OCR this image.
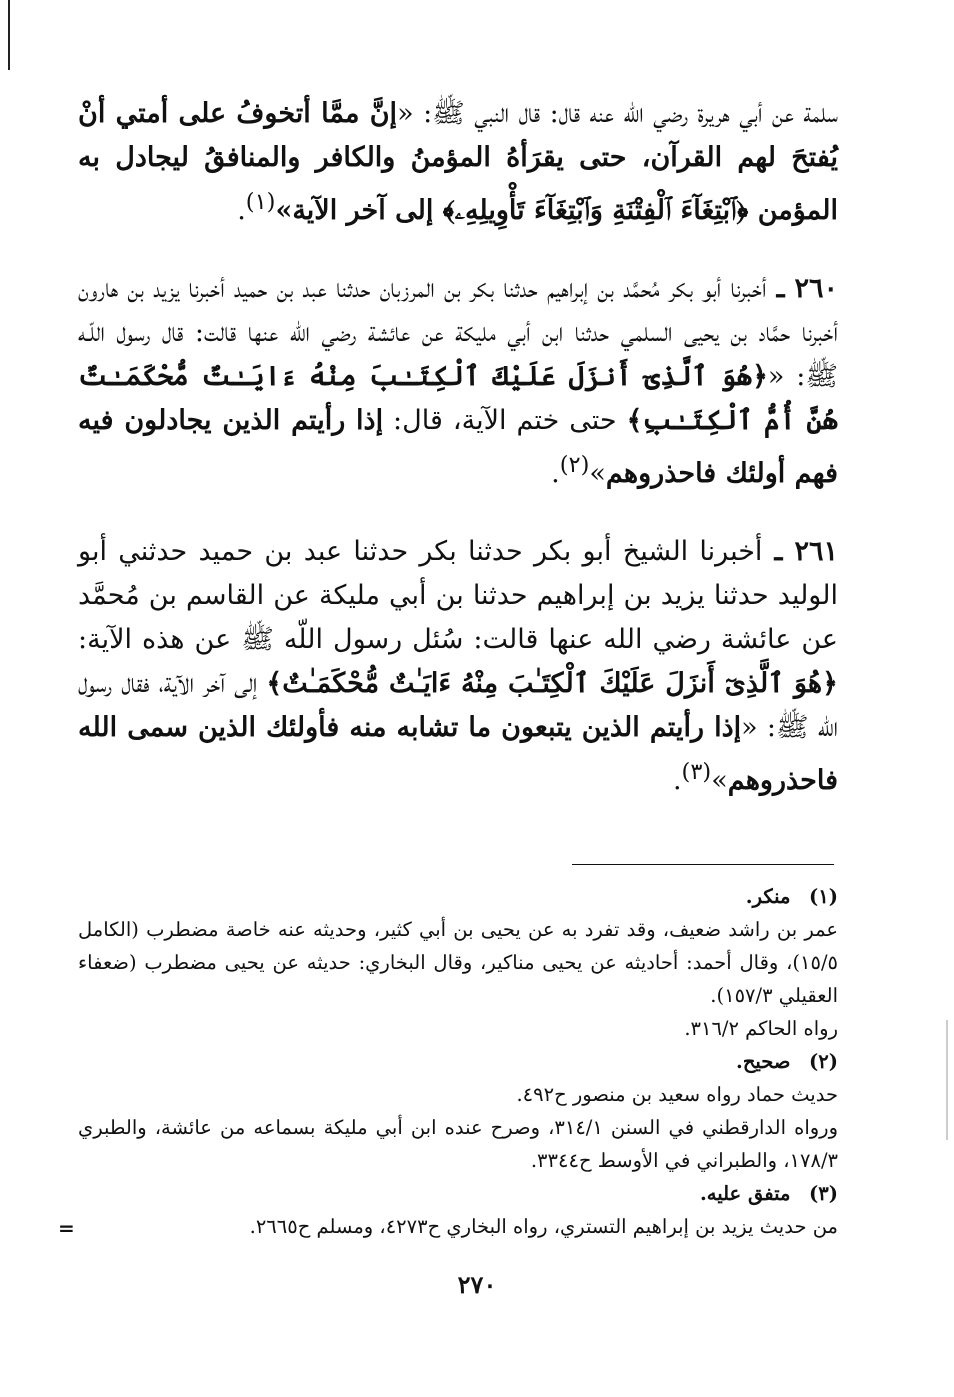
سلمة عن أبي هريرة رضي الله عنه قال: قال النبي ﷺ: «إنَّ ممَّا أتخوفُ على أمتي أنْ يُفتحَ لهم القرآن، حتى يقرَأهُ المؤمنُ والكافر والمنافقُ ليجادل به المؤمن ﴿ٱبْتِغَآءَ ٱلْفِتْنَةِ وَٱبْتِغَآءَ تَأْوِيلِهِۦ﴾ إلى آخر الآية»$^{(١)}$.

٢٦٠ ـ أخبرنا أبو بكر مُحمَّد بن إبراهيم حدثنا بكر بن المرزبان حدثنا عبد بن حميد أخبرنا يزيد بن هارون أخبرنا حمَّاد بن يحيى السلمي حدثنا ابن أبي مليكة عن عائشة رضي الله عنها قالت: قال رسول اللّـه ﷺ: «﴿هُوَ ٱلَّذِىٓ أَنزَلَ عَلَيْكَ ٱلْكِتَـٰبَ مِنْهُ ءَايَـٰتٌ مُّحْكَمَـٰتٌ هُنَّ أُمُّ ٱلْكِتَـٰبِ﴾ حتى ختم الآية، قال: إذا رأيتم الذين يجادلون فيه فهم أولئك فاحذروهم»$^{(٢)}$.

٢٦١ ـ أخبرنا الشيخ أبو بكر حدثنا بكر حدثنا عبد بن حميد حدثني أبو الوليد حدثنا يزيد بن إبراهيم حدثنا بن أبي مليكة عن القاسم بن مُحمَّد عن عائشة رضي الله عنها قالت: سُئل رسول اللّه ﷺ عن هذه الآية: ﴿هُوَ ٱلَّذِىٓ أَنزَلَ عَلَيْكَ ٱلْكِتَـٰبَ مِنْهُ ءَايَـٰتٌ مُّحْكَمَـٰتٌ﴾ إلى آخر الآية، فقال رسول الله ﷺ: «إذا رأيتم الذين يتبعون ما تشابه منه فأولئك الذين سمى الله فاحذروهم»$^{(٣)}$.

(١)   منكر.

عمر بن راشد ضعيف، وقد تفرد به عن يحيى بن أبي كثير، وحديثه عنه خاصة مضطرب (الكامل ١٥/٥)، وقال أحمد: أحاديثه عن يحيى مناكير، وقال البخاري: حديثه عن يحيى مضطرب (ضعفاء العقيلي ١٥٧/٣).

رواه الحاكم ٣١٦/٢.

(٢)   صحيح.

حديث حماد رواه سعيد بن منصور ح٤٩٢.

ورواه الدارقطني في السنن ٣١٤/١، وصرح عنده ابن أبي مليكة بسماعه من عائشة، والطبري ١٧٨/٣، والطبراني في الأوسط ح٣٣٤٤.

(٣)   متفق عليه.

من حديث يزيد بن إبراهيم التستري، رواه البخاري ح٤٢٧٣، ومسلم ح٢٦٦٥.

=
٢٧٠
